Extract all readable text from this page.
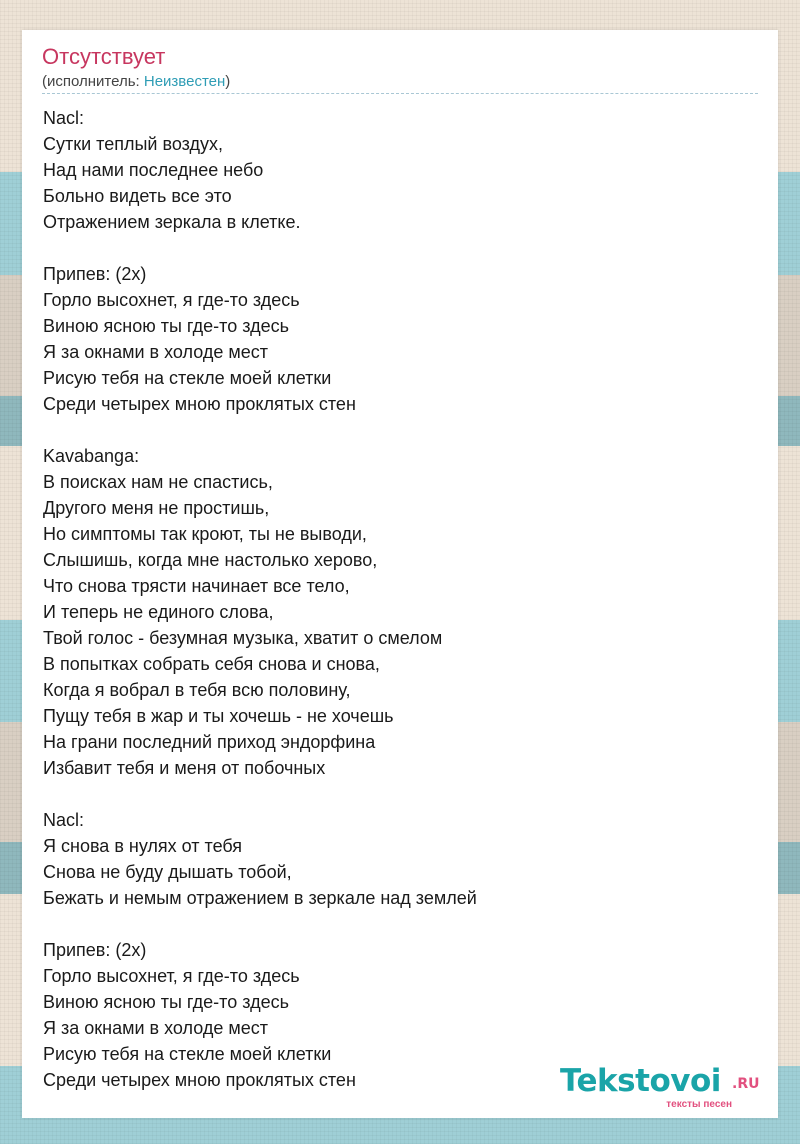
Отсутствует
(исполнитель: Неизвестен)
Nacl:
Сутки теплый воздух,
Над нами последнее небо
Больно видеть все это
Отражением зеркала в клетке.
Припев: (2х)
Горло высохнет, я где-то здесь
Виною ясною ты где-то здесь
Я за окнами в холоде мест
Рисую тебя на стекле моей клетки
Среди четырех мною проклятых стен
Kavabanga:
В поисках нам не спастись,
Другого меня не простишь,
Но симптомы так кроют, ты не выводи,
Слышишь, когда мне настолько херово,
Что снова трясти начинает все тело,
И теперь не единого слова,
Твой голос - безумная музыка, хватит о смелом
В попытках собрать себя снова и снова,
Когда я вобрал в тебя всю половину,
Пущу тебя в жар и ты хочешь - не хочешь
На грани последний приход эндорфина
Избавит тебя и меня от побочных
Nacl:
Я снова в нулях от тебя
Снова не буду дышать тобой,
Бежать и немым отражением в зеркале над землей
Припев: (2х)
Горло высохнет, я где-то здесь
Виною ясною ты где-то здесь
Я за окнами в холоде мест
Рисую тебя на стекле моей клетки
Среди четырех мною проклятых стен	Tekstovoi .RU
тексты песен
